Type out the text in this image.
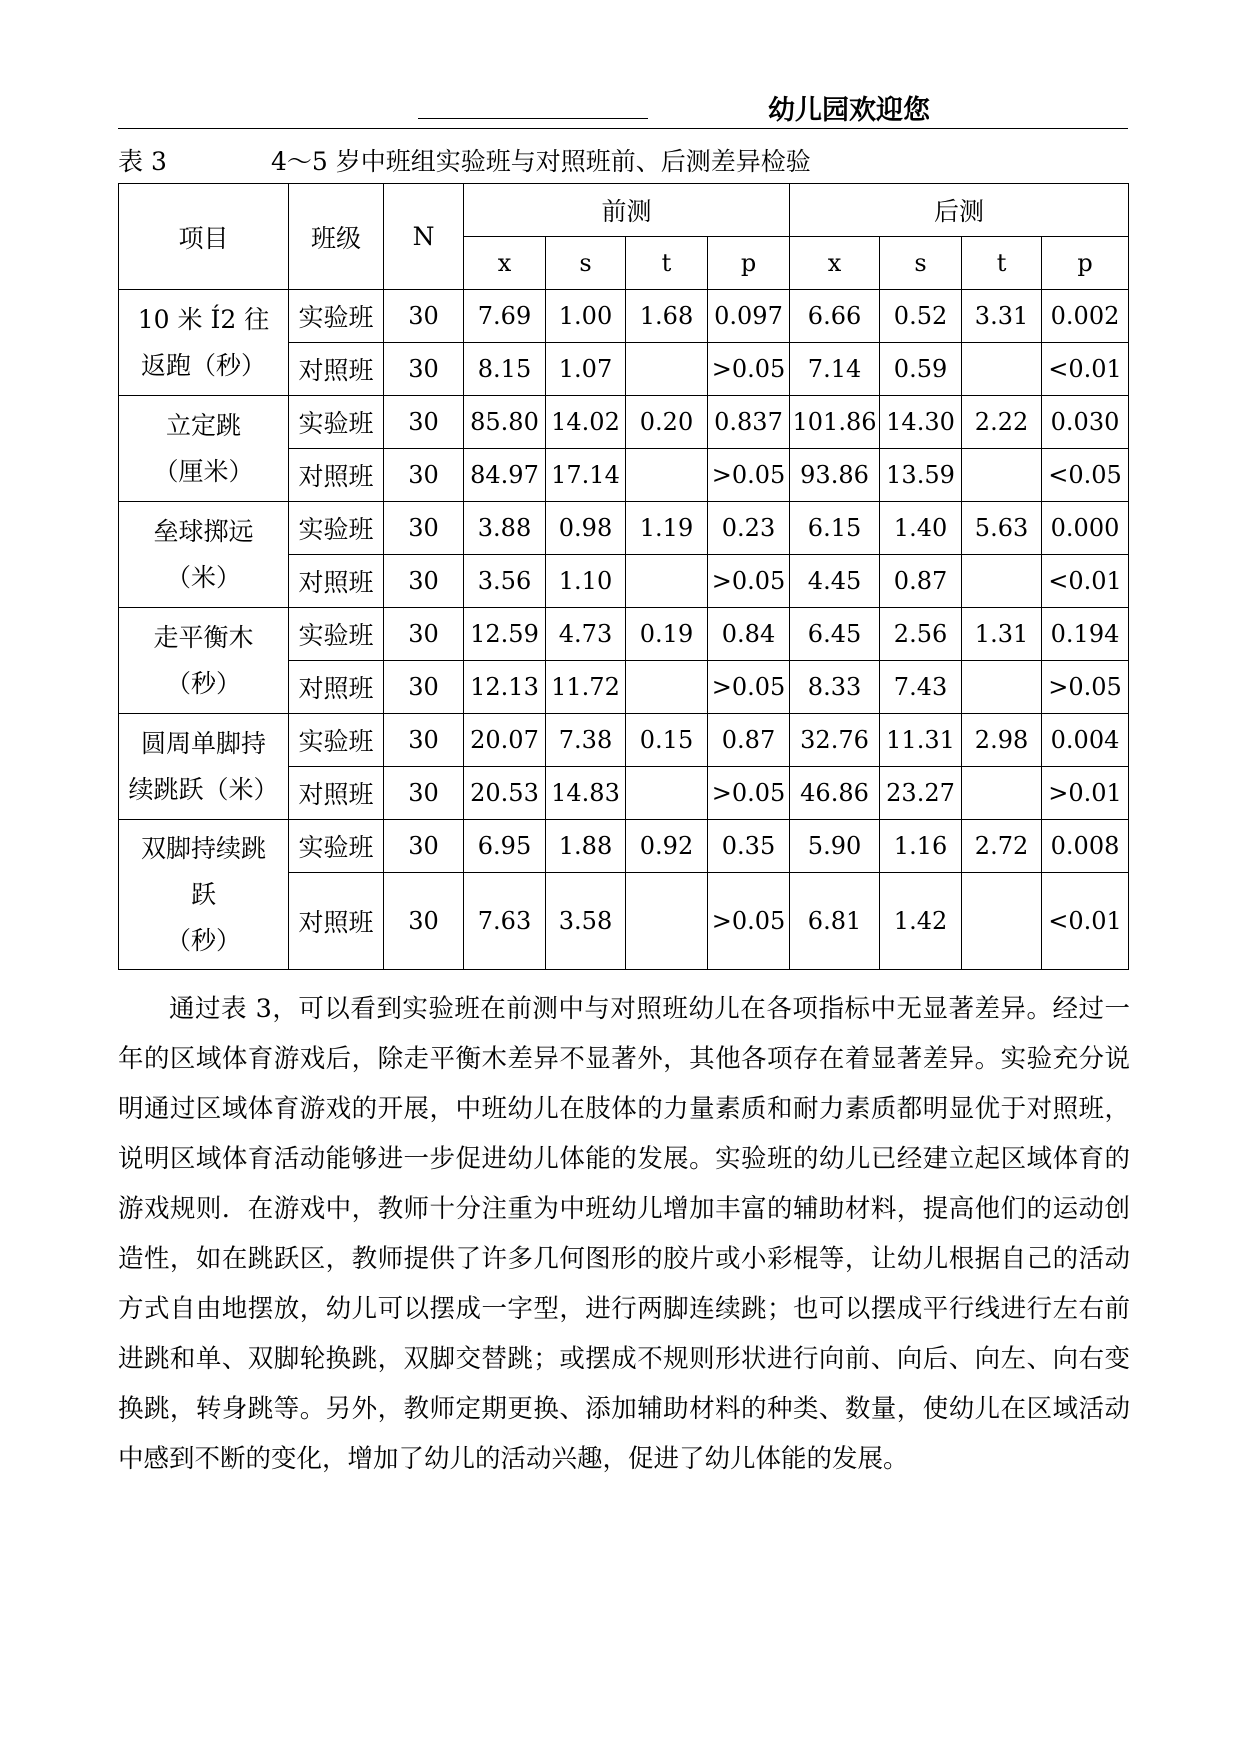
幼儿园欢迎您
表 3	4～5 岁中班组实验班与对照班前、后测差异检验
项目	班级	N	前测				后测			
			x	s	t	p	x	s	t	p

10 米 Í2 往
返跑（秒）	实验班	30	7.69	1.00	1.68	0.097	6.66	0.52	3.31	0.002
	对照班	30	8.15	1.07		>0.05	7.14	0.59		<0.01

立定跳
（厘米）	实验班	30	85.80	14.02	0.20	0.837	101.86	14.30	2.22	0.030
	对照班	30	84.97	17.14		>0.05	93.86	13.59		<0.05

垒球掷远
（米）	实验班	30	3.88	0.98	1.19	0.23	6.15	1.40	5.63	0.000
	对照班	30	3.56	1.10		>0.05	4.45	0.87		<0.01

走平衡木
（秒）	实验班	30	12.59	4.73	0.19	0.84	6.45	2.56	1.31	0.194
	对照班	30	12.13	11.72		>0.05	8.33	7.43		>0.05

圆周单脚持
续跳跃（米）	实验班	30	20.07	7.38	0.15	0.87	32.76	11.31	2.98	0.004
	对照班	30	20.53	14.83		>0.05	46.86	23.27		>0.01

双脚持续跳
跃
（秒）	实验班	30	6.95	1.88	0.92	0.35	5.90	1.16	2.72	0.008
	对照班	30	7.63	3.58		>0.05	6.81	1.42		<0.01

通过表 3，可以看到实验班在前测中与对照班幼儿在各项指标中无显著差异。经过一年的区域体育游戏后，除走平衡木差异不显著外，其他各项存在着显著差异。实验充分说明通过区域体育游戏的开展，中班幼儿在肢体的力量素质和耐力素质都明显优于对照班，说明区域体育活动能够进一步促进幼儿体能的发展。实验班的幼儿已经建立起区域体育的游戏规则．在游戏中，教师十分注重为中班幼儿增加丰富的辅助材料，提高他们的运动创造性，如在跳跃区，教师提供了许多几何图形的胶片或小彩棍等，让幼儿根据自己的活动方式自由地摆放，幼儿可以摆成一字型，进行两脚连续跳；也可以摆成平行线进行左右前进跳和单、双脚轮换跳，双脚交替跳；或摆成不规则形状进行向前、向后、向左、向右变换跳，转身跳等。另外，教师定期更换、添加辅助材料的种类、数量，使幼儿在区域活动中感到不断的变化，增加了幼儿的活动兴趣，促进了幼儿体能的发展。
